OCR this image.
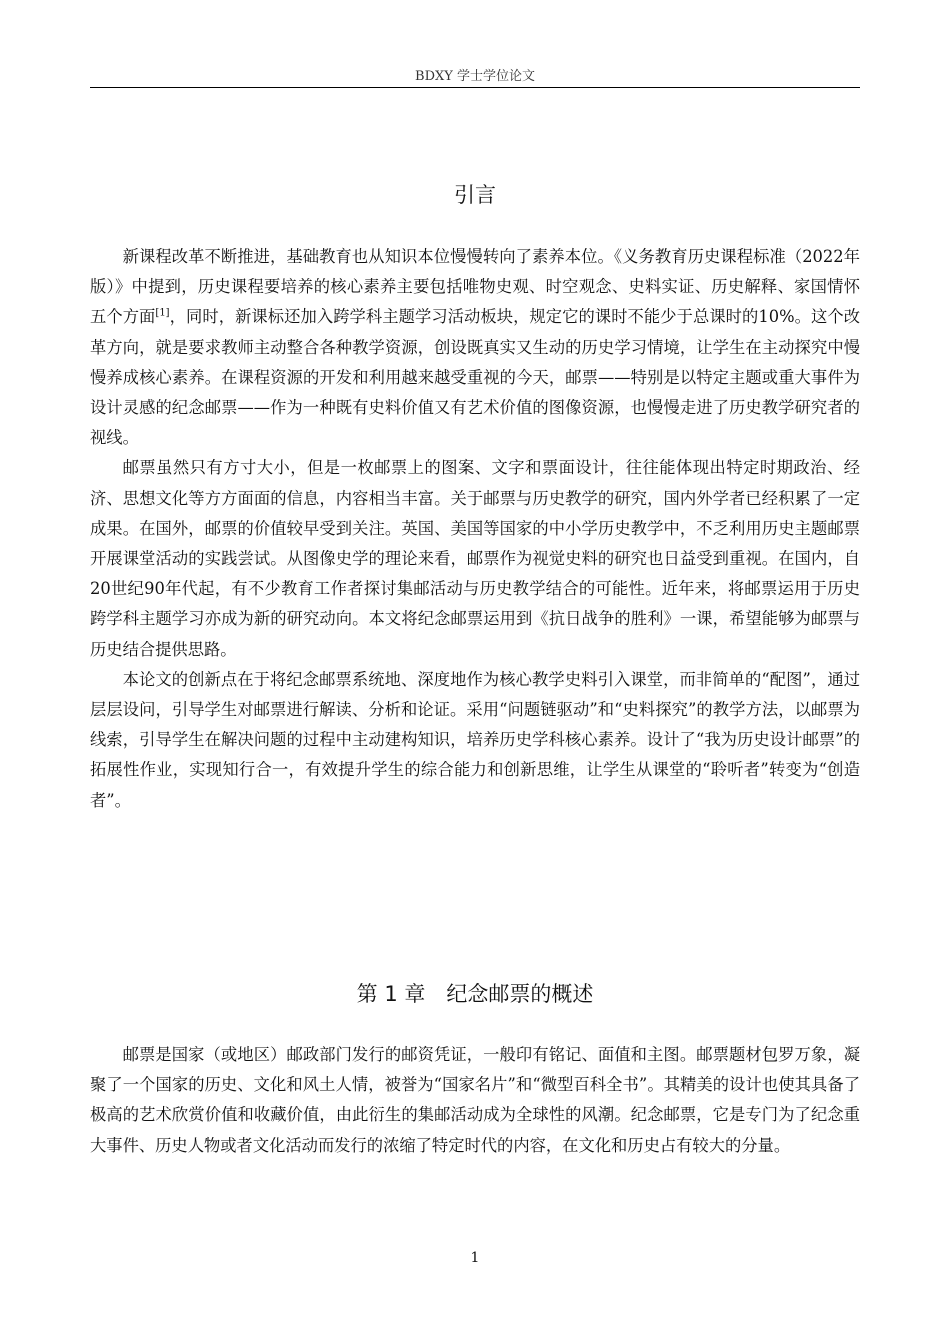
BDXY 学士学位论文
引言

新课程改革不断推进，基础教育也从知识本位慢慢转向了素养本位。《义务教育历史课程标准（2022年版）》中提到，历史课程要培养的核心素养主要包括唯物史观、时空观念、史料实证、历史解释、家国情怀五个方面[1]，同时，新课标还加入跨学科主题学习活动板块，规定它的课时不能少于总课时的10%。这个改革方向，就是要求教师主动整合各种教学资源，创设既真实又生动的历史学习情境，让学生在主动探究中慢慢养成核心素养。在课程资源的开发和利用越来越受重视的今天，邮票——特别是以特定主题或重大事件为设计灵感的纪念邮票——作为一种既有史料价值又有艺术价值的图像资源，也慢慢走进了历史教学研究者的视线。

邮票虽然只有方寸大小，但是一枚邮票上的图案、文字和票面设计，往往能体现出特定时期政治、经济、思想文化等方方面面的信息，内容相当丰富。关于邮票与历史教学的研究，国内外学者已经积累了一定成果。在国外，邮票的价值较早受到关注。英国、美国等国家的中小学历史教学中，不乏利用历史主题邮票开展课堂活动的实践尝试。从图像史学的理论来看，邮票作为视觉史料的研究也日益受到重视。在国内，自20世纪90年代起，有不少教育工作者探讨集邮活动与历史教学结合的可能性。近年来，将邮票运用于历史跨学科主题学习亦成为新的研究动向。本文将纪念邮票运用到《抗日战争的胜利》一课，希望能够为邮票与历史结合提供思路。

本论文的创新点在于将纪念邮票系统地、深度地作为核心教学史料引入课堂，而非简单的“配图”，通过层层设问，引导学生对邮票进行解读、分析和论证。采用“问题链驱动”和“史料探究”的教学方法，以邮票为线索，引导学生在解决问题的过程中主动建构知识，培养历史学科核心素养。设计了“我为历史设计邮票”的拓展性作业，实现知行合一，有效提升学生的综合能力和创新思维，让学生从课堂的“聆听者”转变为“创造者”。

第 1 章　纪念邮票的概述

邮票是国家（或地区）邮政部门发行的邮资凭证，一般印有铭记、面值和主图。邮票题材包罗万象，凝聚了一个国家的历史、文化和风土人情，被誉为“国家名片”和“微型百科全书”。其精美的设计也使其具备了极高的艺术欣赏价值和收藏价值，由此衍生的集邮活动成为全球性的风潮。纪念邮票，它是专门为了纪念重大事件、历史人物或者文化活动而发行的浓缩了特定时代的内容，在文化和历史占有较大的分量。

1
